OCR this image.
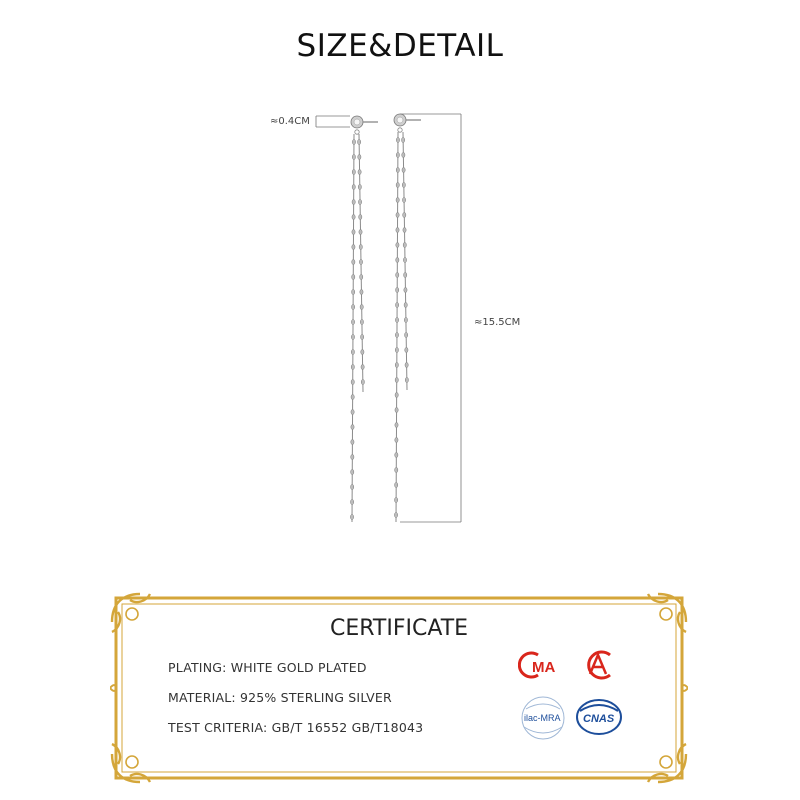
SIZE&DETAIL
≈0.4CM
≈15.5CM
CERTIFICATE
PLATING: WHITE GOLD PLATED
MATERIAL: 925% STERLING SILVER
TEST CRITERIA: GB/T 16552 GB/T18043
MA
ilac-MRA CNAS
